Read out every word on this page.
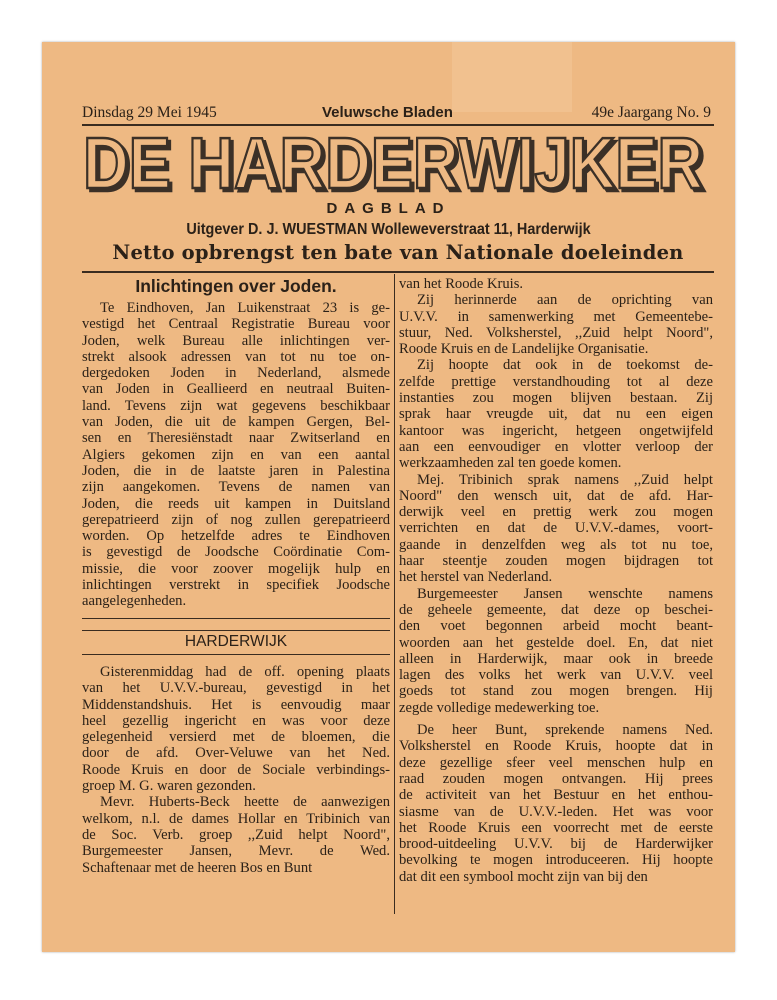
Dinsdag 29 Mei 1945	Veluwsche Bladen	49e Jaargang No. 9
DE HARDERWIJKER
DAGBLAD
Uitgever D. J. WUESTMAN Wolleweverstraat 11, Harderwijk
Netto opbrengst ten bate van Nationale doeleinden
Inlichtingen over Joden.
Te Eindhoven, Jan Luikenstraat 23 is ge-
vestigd het Centraal Registratie Bureau voor
Joden, welk Bureau alle inlichtingen ver-
strekt alsook adressen van tot nu toe on-
dergedoken Joden in Nederland, alsmede
van Joden in Geallieerd en neutraal Buiten-
land. Tevens zijn wat gegevens beschikbaar
van Joden, die uit de kampen Gergen, Bel-
sen en Theresiënstadt naar Zwitserland en
Algiers gekomen zijn en van een aantal
Joden, die in de laatste jaren in Palestina
zijn aangekomen. Tevens de namen van
Joden, die reeds uit kampen in Duitsland
gerepatrieerd zijn of nog zullen gerepatrieerd
worden. Op hetzelfde adres te Eindhoven
is gevestigd de Joodsche Coördinatie Com-
missie, die voor zoover mogelijk hulp en
inlichtingen verstrekt in specifiek Joodsche
aangelegenheden.
HARDERWIJK
Gisterenmiddag had de off. opening plaats
van het U.V.V.-bureau, gevestigd in het
Middenstandshuis. Het is eenvoudig maar
heel gezellig ingericht en was voor deze
gelegenheid versierd met de bloemen, die
door de afd. Over-Veluwe van het Ned.
Roode Kruis en door de Sociale verbindings-
groep M. G. waren gezonden.
Mevr. Huberts-Beck heette de aanwezigen
welkom, n.l. de dames Hollar en Tribinich van
de Soc. Verb. groep ,,Zuid helpt Noord",
Burgemeester Jansen, Mevr. de Wed.
Schaftenaar met de heeren Bos en Bunt
van het Roode Kruis.
Zij herinnerde aan de oprichting van
U.V.V. in samenwerking met Gemeentebe-
stuur, Ned. Volksherstel, ,,Zuid helpt Noord",
Roode Kruis en de Landelijke Organisatie.
Zij hoopte dat ook in de toekomst de-
zelfde prettige verstandhouding tot al deze
instanties zou mogen blijven bestaan. Zij
sprak haar vreugde uit, dat nu een eigen
kantoor was ingericht, hetgeen ongetwijfeld
aan een eenvoudiger en vlotter verloop der
werkzaamheden zal ten goede komen.
Mej. Tribinich sprak namens ,,Zuid helpt
Noord" den wensch uit, dat de afd. Har-
derwijk veel en prettig werk zou mogen
verrichten en dat de U.V.V.-dames, voort-
gaande in denzelfden weg als tot nu toe,
haar steentje zouden mogen bijdragen tot
het herstel van Nederland.
Burgemeester Jansen wenschte namens
de geheele gemeente, dat deze op beschei-
den voet begonnen arbeid mocht beant-
woorden aan het gestelde doel. En, dat niet
alleen in Harderwijk, maar ook in breede
lagen des volks het werk van U.V.V. veel
goeds tot stand zou mogen brengen. Hij
zegde volledige medewerking toe.
De heer Bunt, sprekende namens Ned.
Volksherstel en Roode Kruis, hoopte dat in
deze gezellige sfeer veel menschen hulp en
raad zouden mogen ontvangen. Hij prees
de activiteit van het Bestuur en het enthou-
siasme van de U.V.V.-leden. Het was voor
het Roode Kruis een voorrecht met de eerste
brood-uitdeeling U.V.V. bij de Harderwijker
bevolking te mogen introduceeren. Hij hoopte
dat dit een symbool mocht zijn van bij den
